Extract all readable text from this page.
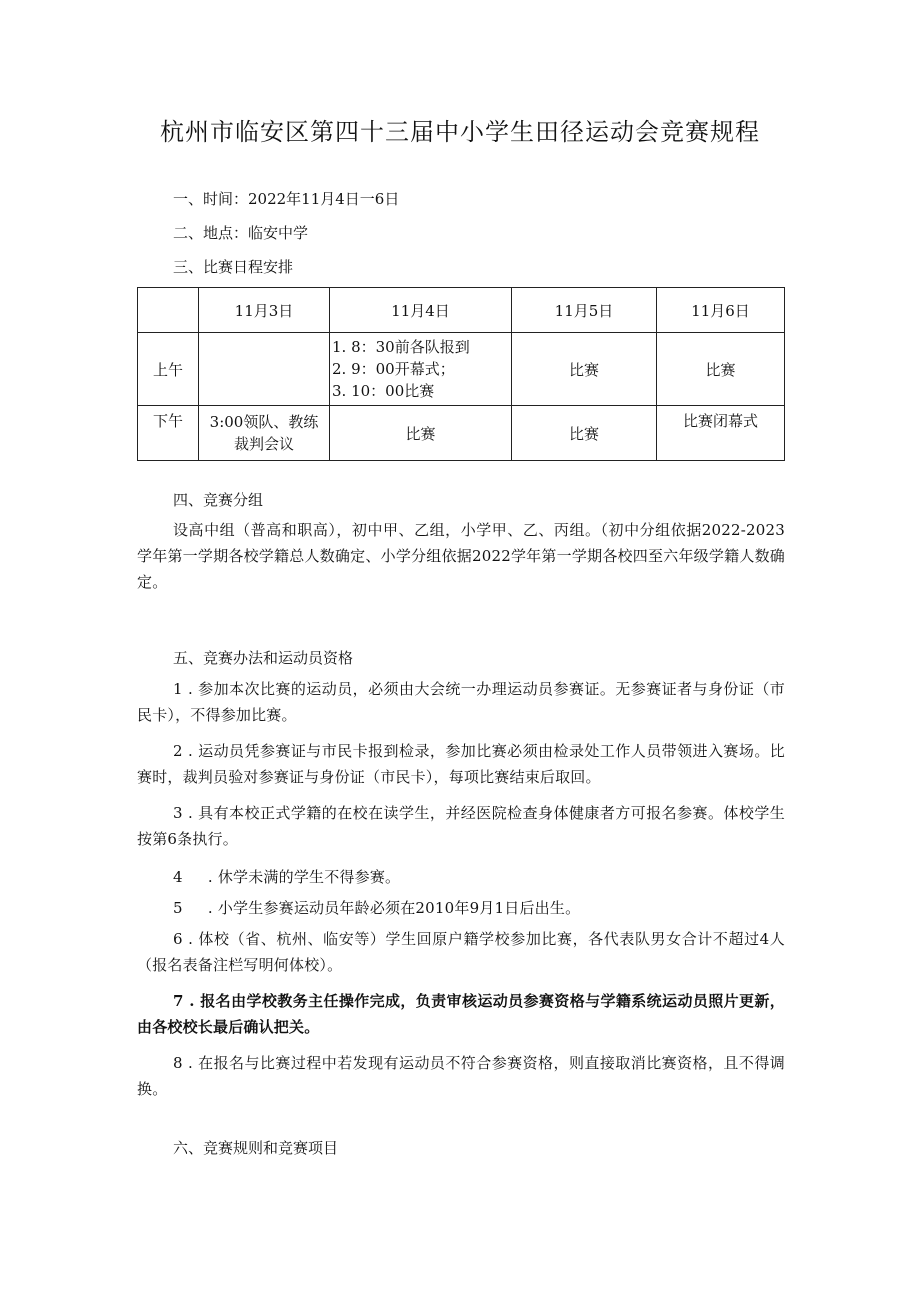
杭州市临安区第四十三届中小学生田径运动会竞赛规程
一、时间：2022年11月4日一6日
二、地点：临安中学
三、比赛日程安排
	11月3日	11月4日	11月5日	11月6日
上午		1. 8：30前各队报到
2. 9：00开幕式；
3. 10：00比赛	比赛	比赛
下午	3:00领队、教练
裁判会议	比赛	比赛	比赛闭幕式
四、竞赛分组
设高中组（普高和职高），初中甲、乙组，小学甲、乙、丙组。（初中分组依据2022-2023学年第一学期各校学籍总人数确定、小学分组依据2022学年第一学期各校四至六年级学籍人数确定。
五、竞赛办法和运动员资格
1 . 参加本次比赛的运动员，必须由大会统一办理运动员参赛证。无参赛证者与身份证（市民卡），不得参加比赛。
2 . 运动员凭参赛证与市民卡报到检录，参加比赛必须由检录处工作人员带领进入赛场。比赛时，裁判员验对参赛证与身份证（市民卡），每项比赛结束后取回。
3 . 具有本校正式学籍的在校在读学生，并经医院检查身体健康者方可报名参赛。体校学生按第6条执行。
4 　 . 休学未满的学生不得参赛。
5 　 . 小学生参赛运动员年龄必须在2010年9月1日后出生。
6 . 体校（省、杭州、临安等）学生回原户籍学校参加比赛，各代表队男女合计不超过4人（报名表备注栏写明何体校）。
7 . 报名由学校教务主任操作完成，负责审核运动员参赛资格与学籍系统运动员照片更新，由各校校长最后确认把关。
8 . 在报名与比赛过程中若发现有运动员不符合参赛资格，则直接取消比赛资格，且不得调换。
六、竞赛规则和竞赛项目
